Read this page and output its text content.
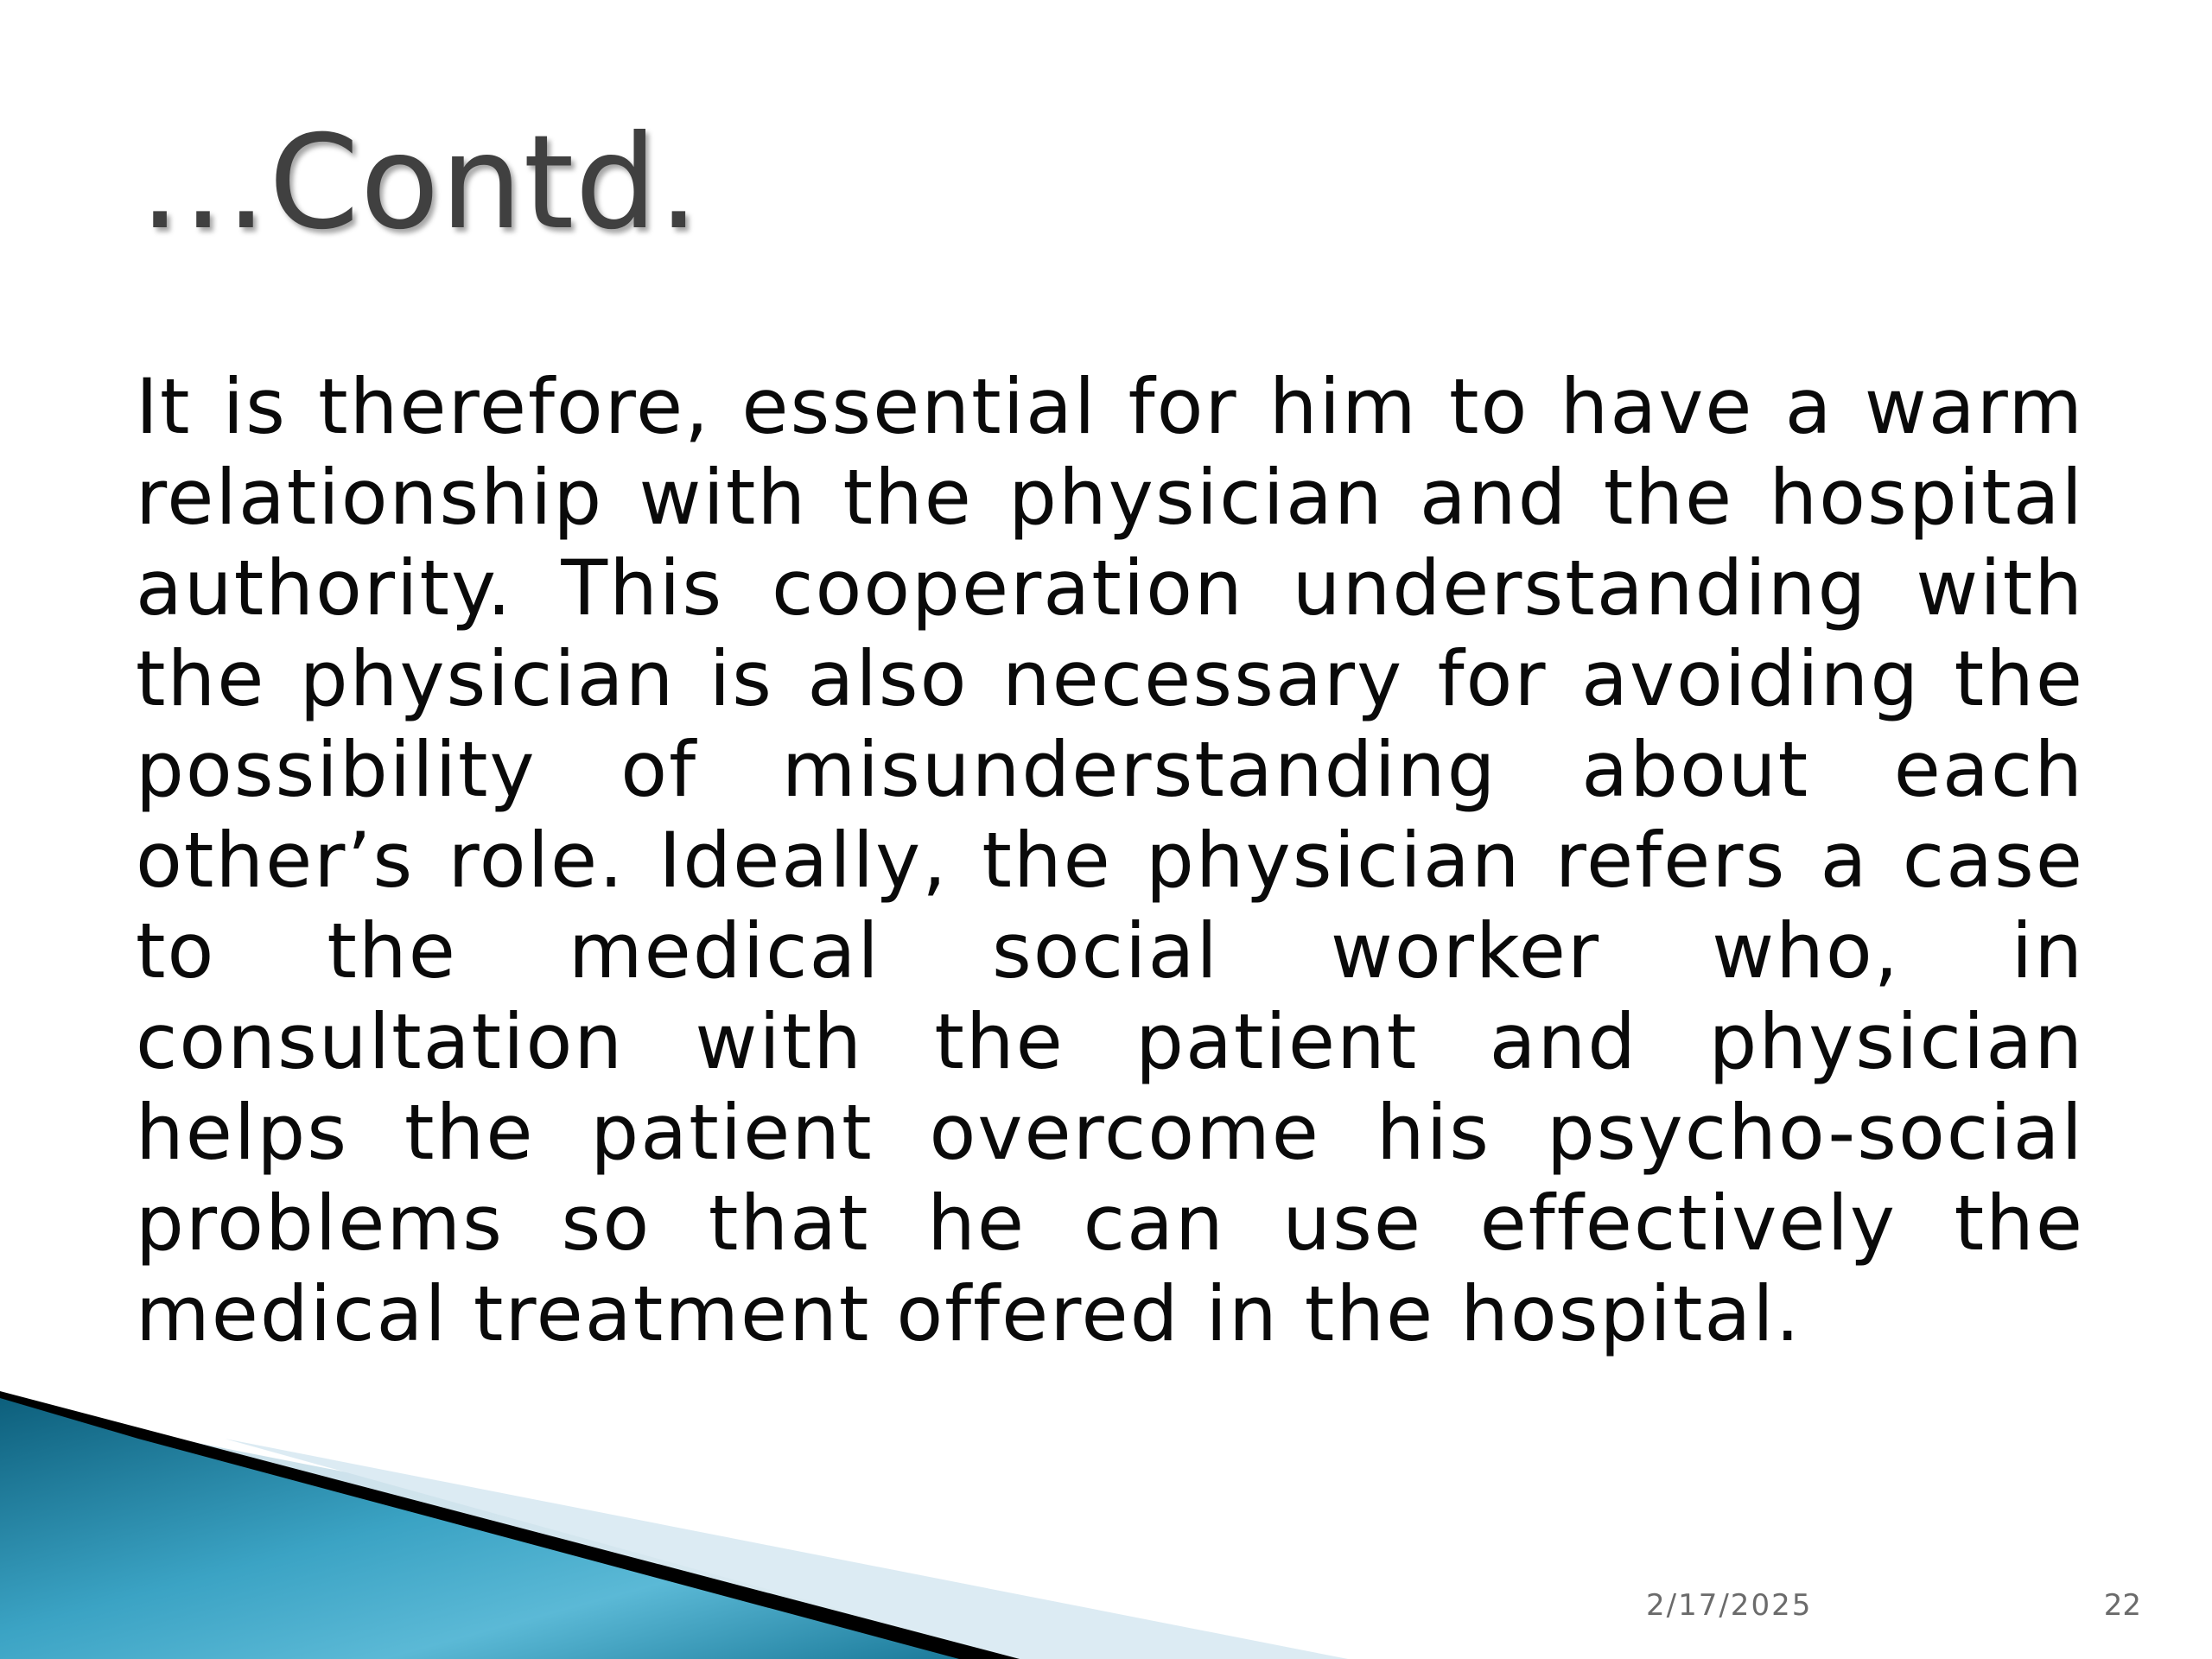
…Contd.

It is therefore, essential for him to have a warm relationship with the physician and the hospital authority. This cooperation understanding with the physician is also necessary for avoiding the possibility of misunderstanding about each other’s role. Ideally, the physician refers a case to the medical social worker who, in consultation with the patient and physician helps the patient overcome his psycho-social problems so that he can use effectively the medical treatment offered in the hospital.

2/17/2025	22
